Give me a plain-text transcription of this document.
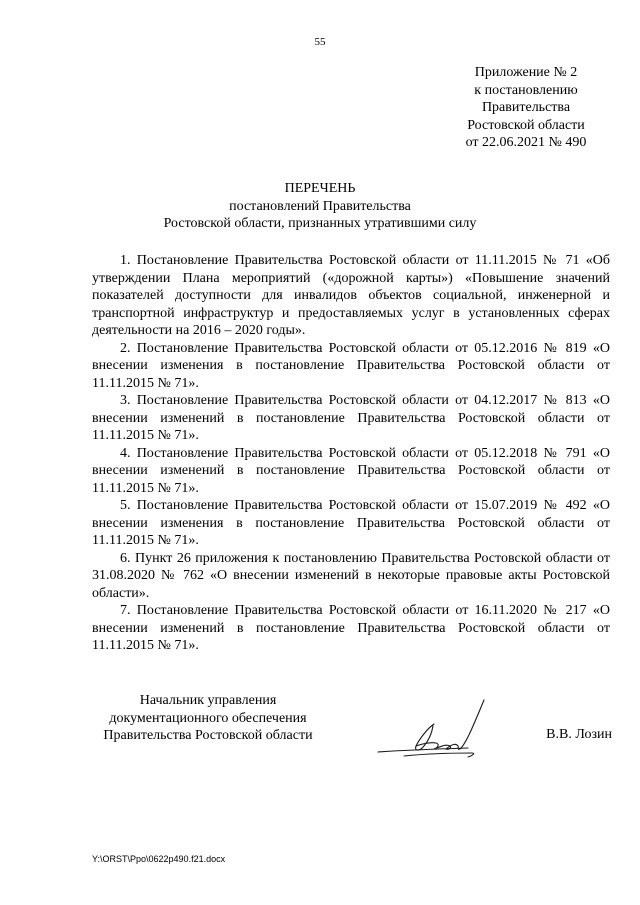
55
Приложение № 2
к постановлению
Правительства
Ростовской области
от 22.06.2021 № 490
ПЕРЕЧЕНЬ
постановлений Правительства
Ростовской области, признанных утратившими силу

1. Постановление Правительства Ростовской области от 11.11.2015 № 71 «Об утверждении Плана мероприятий («дорожной карты») «Повышение значений показателей доступности для инвалидов объектов социальной, инженерной и транспортной инфраструктур и предоставляемых услуг в установленных сферах деятельности на 2016 – 2020 годы».

2. Постановление Правительства Ростовской области от 05.12.2016 № 819 «О внесении изменения в постановление Правительства Ростовской области от 11.11.2015 № 71».

3. Постановление Правительства Ростовской области от 04.12.2017 № 813 «О внесении изменений в постановление Правительства Ростовской области от 11.11.2015 № 71».

4. Постановление Правительства Ростовской области от 05.12.2018 № 791 «О внесении изменений в постановление Правительства Ростовской области от 11.11.2015 № 71».

5. Постановление Правительства Ростовской области от 15.07.2019 № 492 «О внесении изменения в постановление Правительства Ростовской области от 11.11.2015 № 71».

6. Пункт 26 приложения к постановлению Правительства Ростовской области от 31.08.2020 № 762 «О внесении изменений в некоторые правовые акты Ростовской области».

7. Постановление Правительства Ростовской области от 16.11.2020 № 217 «О внесении изменений в постановление Правительства Ростовской области от 11.11.2015 № 71».

Начальник управления
документационного обеспечения
Правительства Ростовской области	В.В. Лозин
Y:\ORST\Ppo\0622p490.f21.docx
